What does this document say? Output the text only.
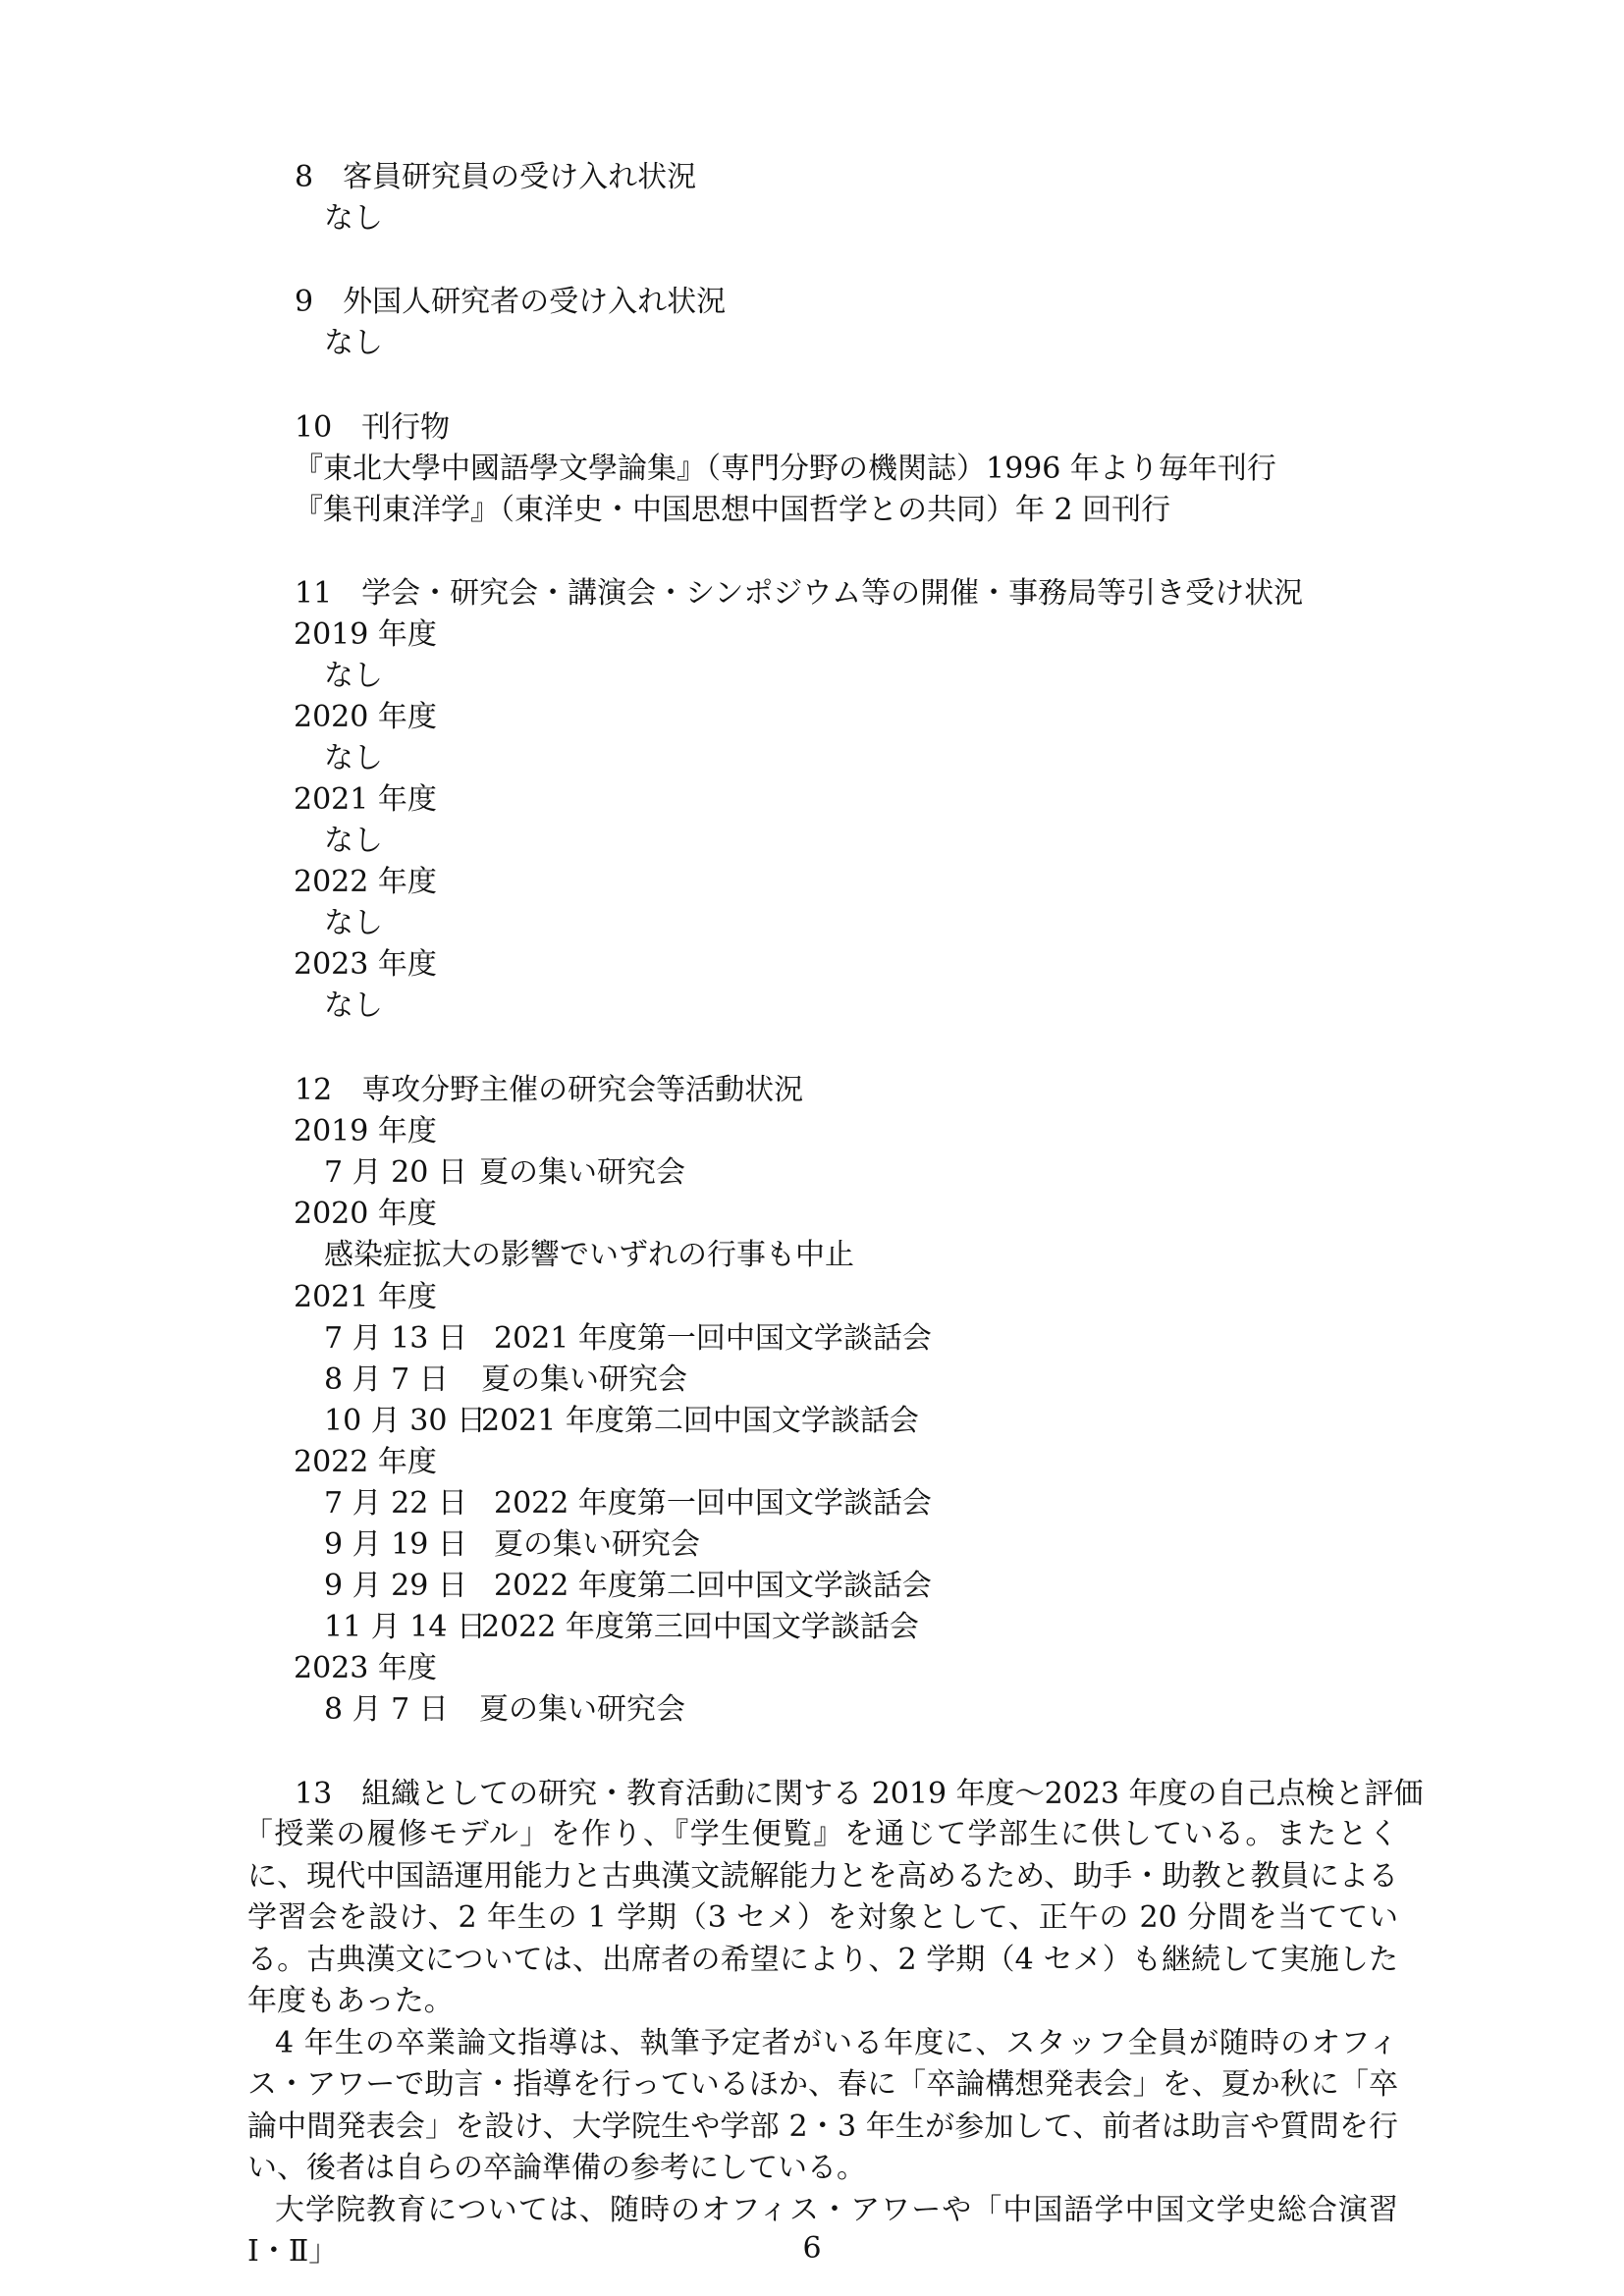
8　客員研究員の受け入れ状況
なし
9　外国人研究者の受け入れ状況
なし
10　刊行物
『東北大學中國語學文學論集』（専門分野の機関誌）1996 年より毎年刊行
『集刊東洋学』（東洋史・中国思想中国哲学との共同）年 2 回刊行
11　学会・研究会・講演会・シンポジウム等の開催・事務局等引き受け状況
2019 年度
なし
2020 年度
なし
2021 年度
なし
2022 年度
なし
2023 年度
なし
12　専攻分野主催の研究会等活動状況
2019 年度
7 月 20 日 夏の集い研究会
2020 年度
感染症拡大の影響でいずれの行事も中止
2021 年度
7 月 13 日 2021 年度第一回中国文学談話会
8 月 7 日 夏の集い研究会
10 月 30 日2021 年度第二回中国文学談話会
2022 年度
7 月 22 日 2022 年度第一回中国文学談話会
9 月 19 日 夏の集い研究会
9 月 29 日 2022 年度第二回中国文学談話会
11 月 14 日2022 年度第三回中国文学談話会
2023 年度
8 月 7 日 夏の集い研究会
13　組織としての研究・教育活動に関する 2019 年度～2023 年度の自己点検と評価

「授業の履修モデル」を作り、『学生便覧』を通じて学部生に供している。またとくに、現代中国語運用能力と古典漢文読解能力とを高めるため、助手・助教と教員による学習会を設け、2 年生の 1 学期（3 セメ）を対象として、正午の 20 分間を当てている。古典漢文については、出席者の希望により、2 学期（4 セメ）も継続して実施した年度もあった。

4 年生の卒業論文指導は、執筆予定者がいる年度に、スタッフ全員が随時のオフィス・アワーで助言・指導を行っているほか、春に「卒論構想発表会」を、夏か秋に「卒論中間発表会」を設け、大学院生や学部 2・3 年生が参加して、前者は助言や質問を行い、後者は自らの卒論準備の参考にしている。

大学院教育については、随時のオフィス・アワーや「中国語学中国文学史総合演習Ⅰ・Ⅱ」	6
